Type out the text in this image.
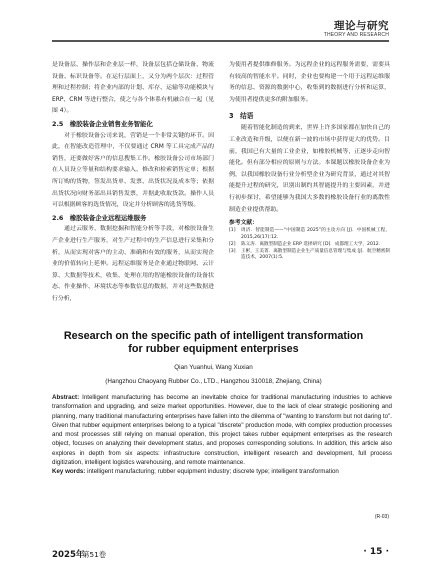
理论与研究
THEORY AND RESEARCH

是设备层、操作层和企业层一样，设备层包括仓储设备、物流设备、标识设备等。在运行层面上，又分为两个层次：过程管理和过程控制；将企业内部的计划、库存、运输等功能模块与 ERP、CRM 等进行整合，使之与各个体系有机融合在一起（见图 4）。

2.5　橡胶装备企业销售业务智能化

对于橡胶设备公司来说，营销是一个非常关键的环节。因此，在智能改造管理中，不仅要通过 CRM 等工具完成产品的销售，还要做好客户的信息搜集工作。橡胶设备公司市场部门在人员设立等量和结构要求输入、修改和检索销售定单；根据所订购的货物，签发出货单、发票、出货状况及成本等；依据出货状况向财务部出具销售发票，并据此收取货款。操作人员可以根据顾客的选货情况，设定并分析顾客的选货等级。

2.6　橡胶装备企业远程运维服务

通过云服务、数据挖掘和智能分析等手段，对橡胶设备生产企业进行生产服务，对生产过程中的生产信息进行采集和分析，从而实现对客户的主动、准确和有效的服务，从而实现企业的价值转向上延伸。远程运维服务是企业通过物联网、云计算、大数据等技术，收集、处理在用的智能橡胶设备的设备状态、作业操作、环境状态等参数信息的数据，并对这些数据进行分析，

为使用者提供维修服务。为远程企业的远程服务需要，需要具有较高的智能水平。同时，企业也要构建一个用于远程运维服务的信息、资源的数据中心，收集到的数据进行分析和运算，为使用者提供更多的附加服务。

3　结语

随着智能化制造的到来，世界上许多国家都在加快自己的工业改造和升级，以便在新一波的市场中获得更大的优势。目前，我国已有大量的工业企业，如橡胶机械等，正逐步走向智能化。但有部分相应的原则与方法。本课题以橡胶设备企业为例，以我国橡胶设备行业分析型企业为研究背景，通过对其智能提升过程的研究，识别出制约其智能提升的主要因素，并进行初步探讨，希望能够为我国大多数的橡胶设备行业的离散性制造企业提供帮助。

参考文献：
[1]	周济．智能制造——“中国制造 2025”的主攻方向 [J]．中国机械工程，2015,26(17):12.
[2]	陈义涛．离散型制造企业 ERP 选择研究 [D]．成都理工大学，2012.
[3]	王彬，王美菁．离散型制造企业生产质量信息管理与集成 [J]．航空精密制造技术，2007(1):5.
Research on the specific path of intelligent transformation for rubber equipment enterprises
Qian Yuanhui, Wang Xuxian
(Hangzhou Chaoyang Rubber Co., LTD., Hangzhou 310018, Zhejiang, China)
Abstract: Intelligent manufacturing has become an inevitable choice for traditional manufacturing industries to achieve transformation and upgrading, and seize market opportunities. However, due to the lack of clear strategic positioning and planning, many traditional manufacturing enterprises have fallen into the dilemma of "wanting to transform but not daring to". Given that rubber equipment enterprises belong to a typical "discrete" production mode, with complex production processes and most processes still relying on manual operation, this project takes rubber equipment enterprises as the research object, focuses on analyzing their development status, and proposes corresponding solutions. In addition, this article also explores in depth from six aspects: infrastructure construction, intelligent research and development, full process digitization, intelligent logistics warehousing, and remote maintenance.
Key words: intelligent manufacturing; rubber equipment industry; discrete type; intelligent transformation
(R-03)
2025年
第51卷	· 15 ·
